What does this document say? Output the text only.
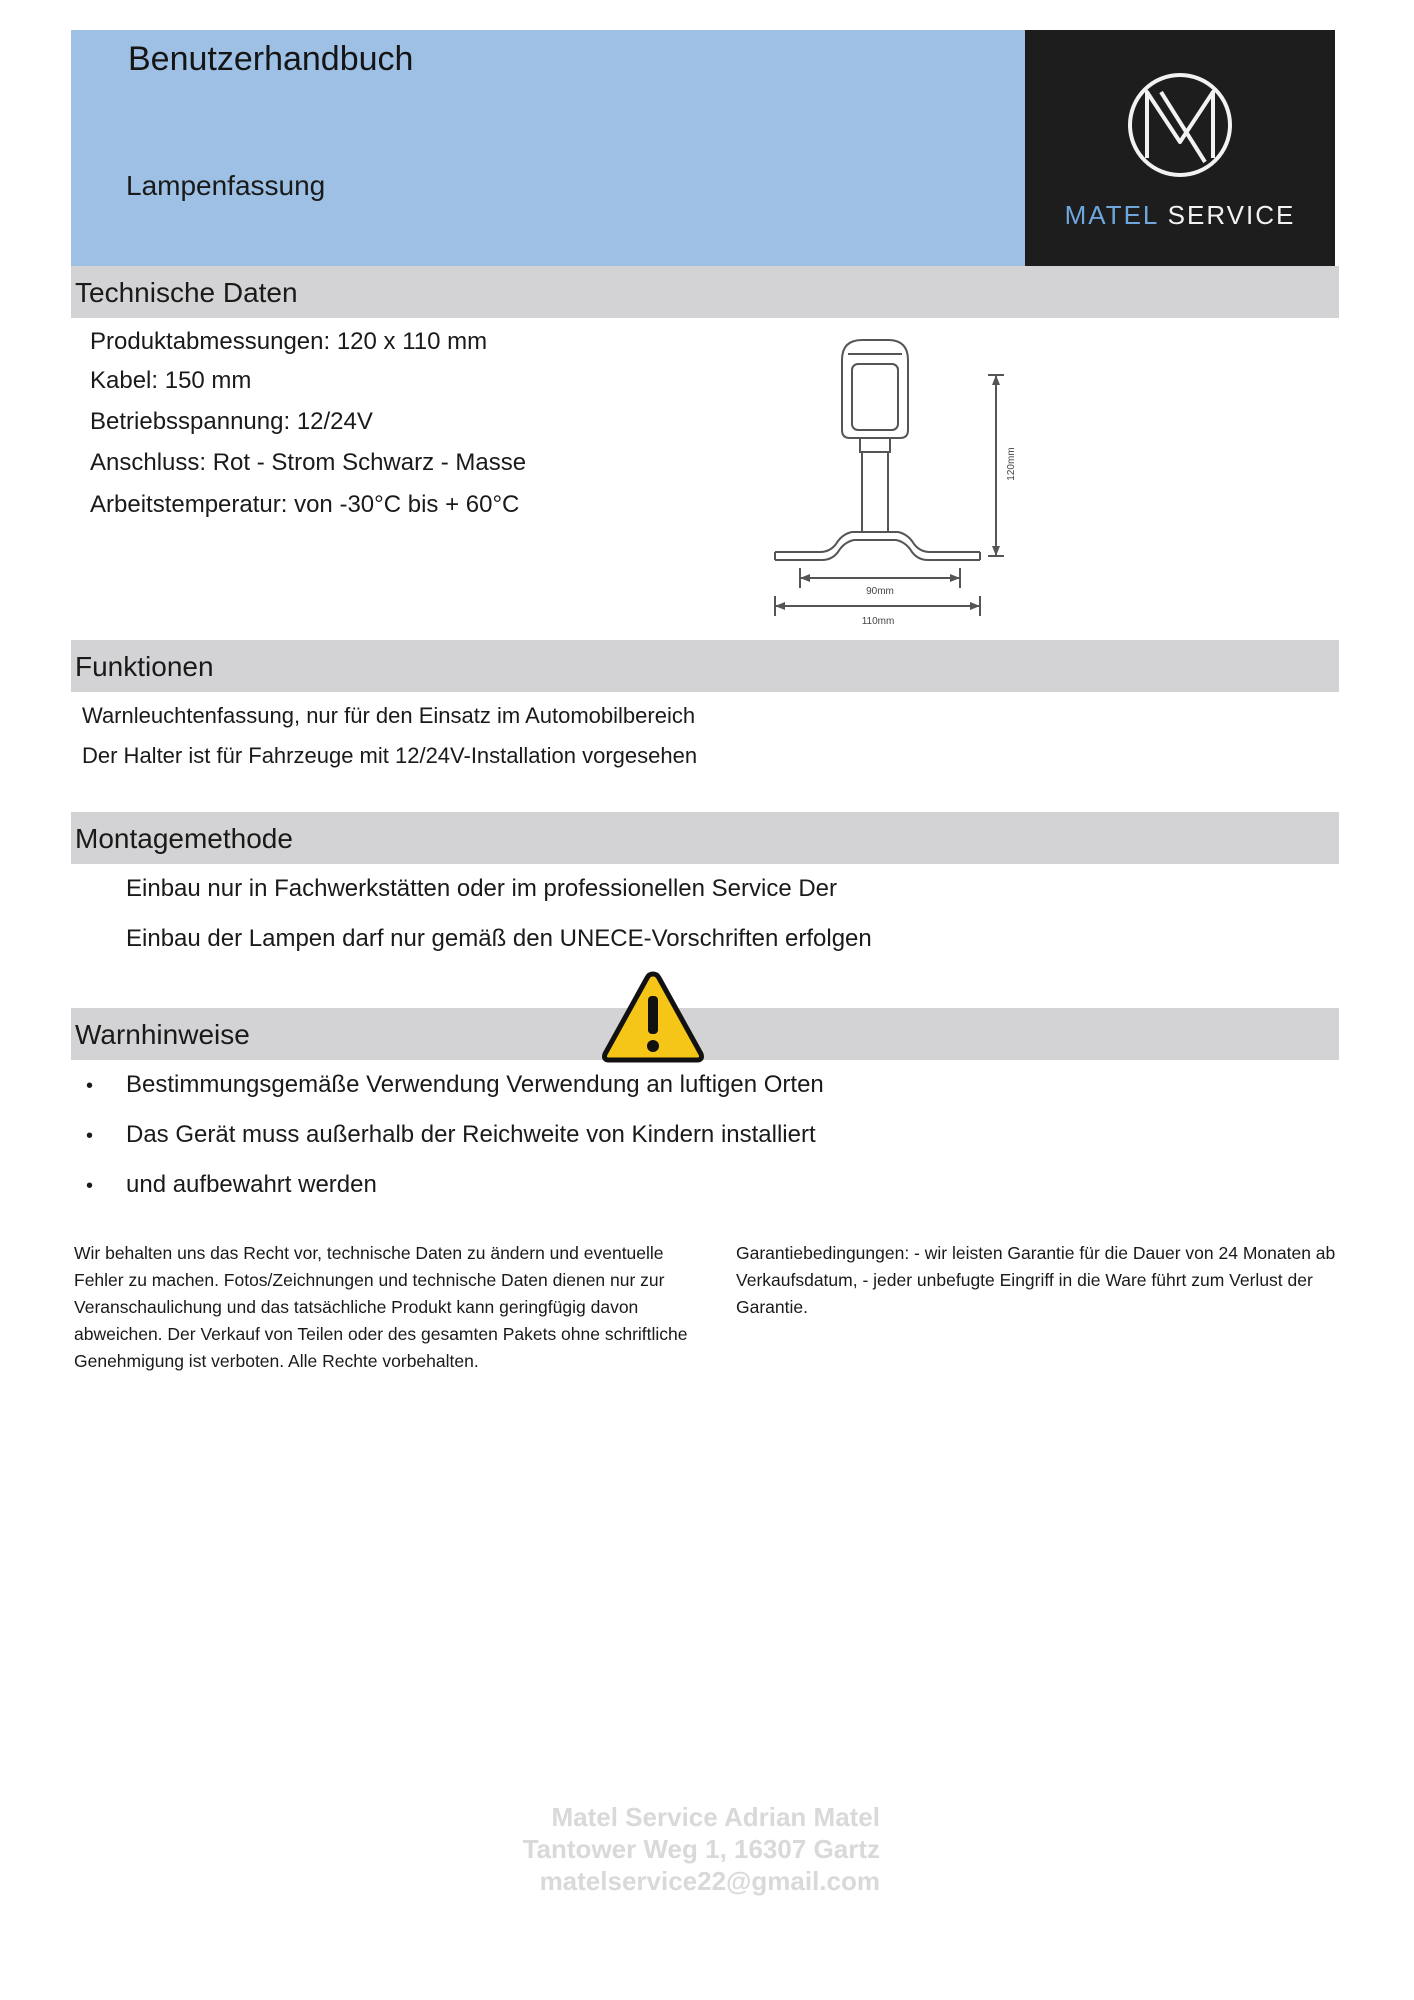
Benutzerhandbuch
Lampenfassung
MATEL SERVICE
Technische Daten
Produktabmessungen: 120 x 110 mm
Kabel: 150 mm
Betriebsspannung: 12/24V
Anschluss: Rot - Strom Schwarz - Masse
Arbeitstemperatur: von -30°C bis + 60°C
120mm
90mm
110mm
Funktionen
Warnleuchtenfassung, nur für den Einsatz im Automobilbereich
Der Halter ist für Fahrzeuge mit 12/24V-Installation vorgesehen
Montagemethode
Einbau nur in Fachwerkstätten oder im professionellen Service Der
Einbau der Lampen darf nur gemäß den UNECE-Vorschriften erfolgen
Warnhinweise
• Bestimmungsgemäße Verwendung Verwendung an luftigen Orten
• Das Gerät muss außerhalb der Reichweite von Kindern installiert
• und aufbewahrt werden
Wir behalten uns das Recht vor, technische Daten zu ändern und eventuelle Fehler zu machen. Fotos/Zeichnungen und technische Daten dienen nur zur Veranschaulichung und das tatsächliche Produkt kann geringfügig davon abweichen. Der Verkauf von Teilen oder des gesamten Pakets ohne schriftliche Genehmigung ist verboten. Alle Rechte vorbehalten.
Garantiebedingungen: - wir leisten Garantie für die Dauer von 24 Monaten ab Verkaufsdatum, - jeder unbefugte Eingriff in die Ware führt zum Verlust der Garantie.
Matel Service Adrian Matel
Tantower Weg 1, 16307 Gartz
matelservice22@gmail.com
